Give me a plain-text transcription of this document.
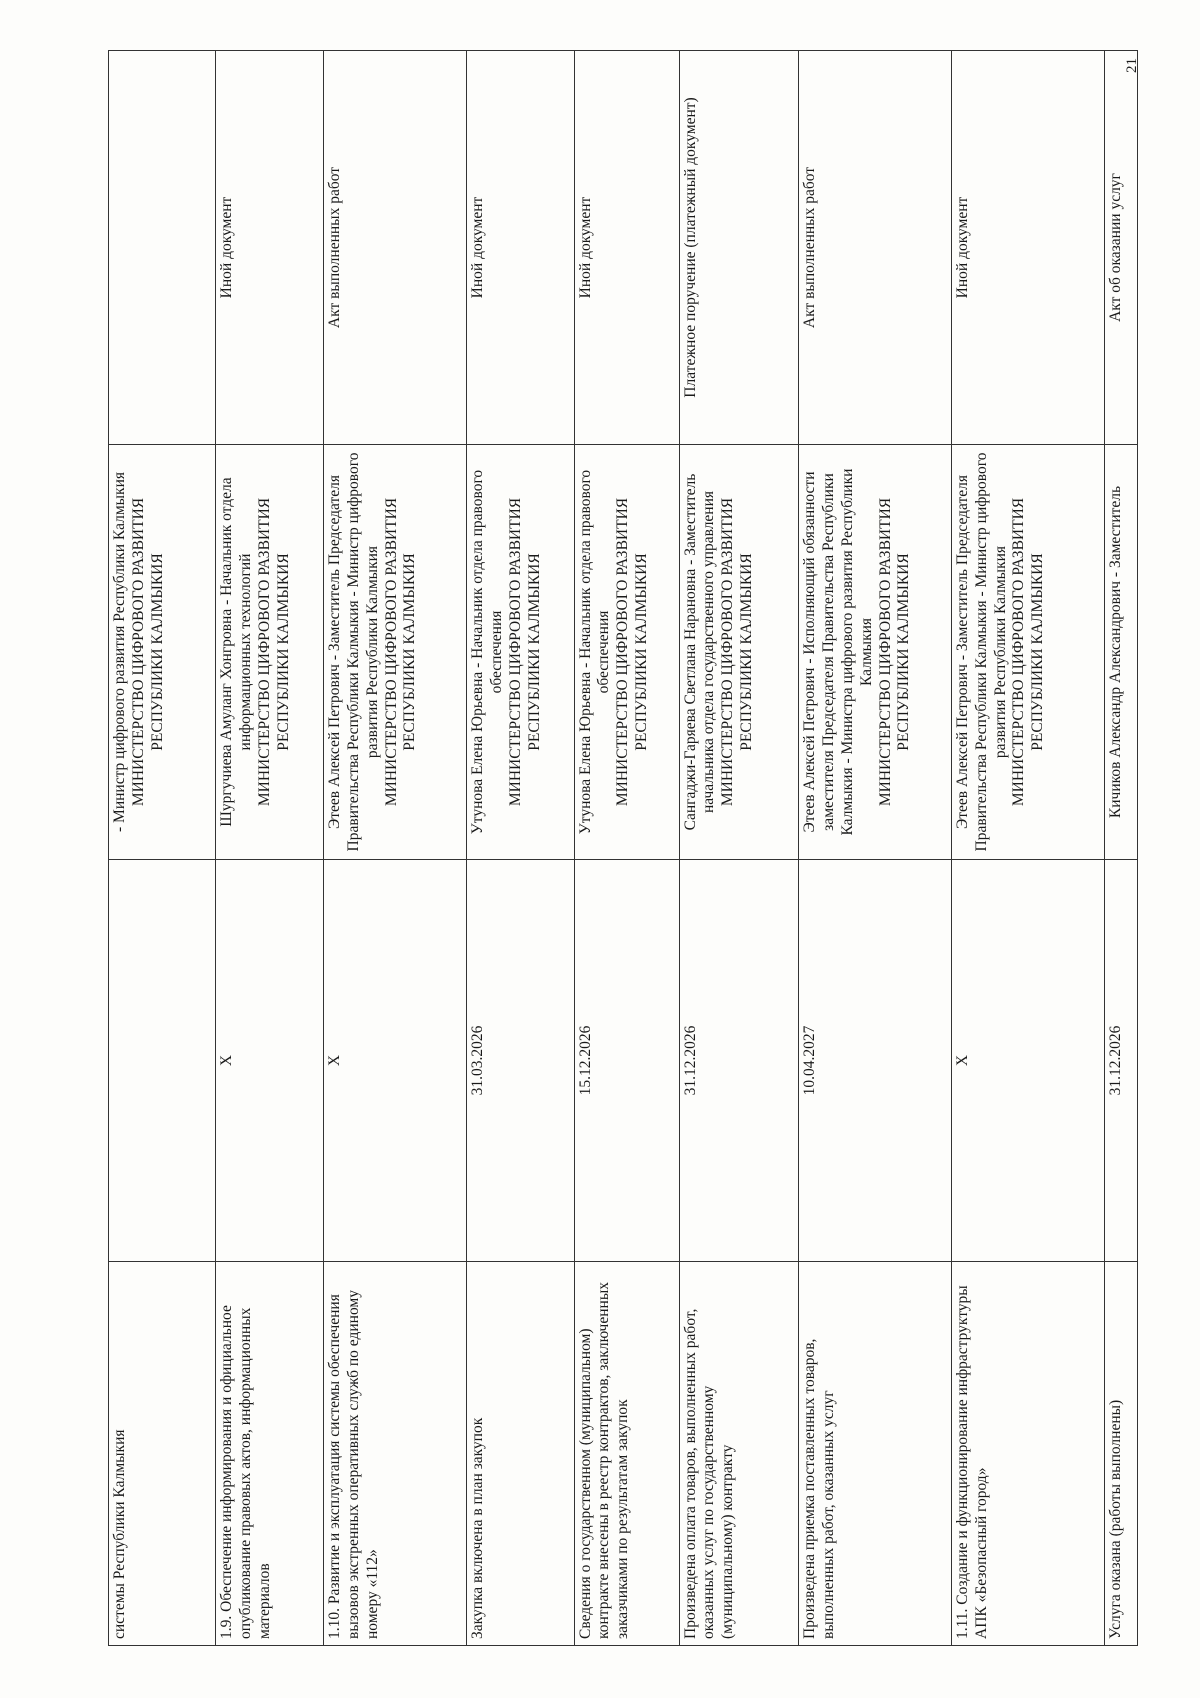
21
системы Республики Калмыкия		- Министр цифрового развития Республики Калмыкия МИНИСТЕРСТВО ЦИФРОВОГО РАЗВИТИЯ РЕСПУБЛИКИ КАЛМЫКИЯ	

1.9. Обеспечение информирования и официальное опубликование правовых актов, информационных материалов	X	Шургучиева Амуланг Хонгровна - Начальник отдела информационных технологий МИНИСТЕРСТВО ЦИФРОВОГО РАЗВИТИЯ РЕСПУБЛИКИ КАЛМЫКИЯ	Иной документ
1.10. Развитие и эксплуатация системы обеспечения вызовов экстренных оперативных служб по единому номеру «112»	X	Этеев Алексей Петрович - Заместитель Председателя Правительства Республики Калмыкия - Министр цифрового развития Республики Калмыкия МИНИСТЕРСТВО ЦИФРОВОГО РАЗВИТИЯ РЕСПУБЛИКИ КАЛМЫКИЯ	Акт выполненных работ
Закупка включена в план закупок	31.03.2026	Утунова Елена Юрьевна - Начальник отдела правового обеспечения МИНИСТЕРСТВО ЦИФРОВОГО РАЗВИТИЯ РЕСПУБЛИКИ КАЛМЫКИЯ	Иной документ
Сведения о государственном (муниципальном) контракте внесены в реестр контрактов, заключенных заказчиками по результатам закупок	15.12.2026	Утунова Елена Юрьевна - Начальник отдела правового обеспечения МИНИСТЕРСТВО ЦИФРОВОГО РАЗВИТИЯ РЕСПУБЛИКИ КАЛМЫКИЯ	Иной документ
Произведена оплата товаров, выполненных работ, оказанных услуг по государственному (муниципальному) контракту	31.12.2026	Сангаджи-Гаряева Светлана Нарановна - Заместитель начальника отдела государственного управления МИНИСТЕРСТВО ЦИФРОВОГО РАЗВИТИЯ РЕСПУБЛИКИ КАЛМЫКИЯ	Платежное поручение (платежный документ)
Произведена приемка поставленных товаров, выполненных работ, оказанных услуг	10.04.2027	Этеев Алексей Петрович - Исполняющий обязанности заместителя Председателя Правительства Республики Калмыкия - Министра цифрового развития Республики Калмыкия МИНИСТЕРСТВО ЦИФРОВОГО РАЗВИТИЯ РЕСПУБЛИКИ КАЛМЫКИЯ	Акт выполненных работ
1.11. Создание и функционирование инфраструктуры АПК «Безопасный город»	X	Этеев Алексей Петрович - Заместитель Председателя Правительства Республики Калмыкия - Министр цифрового развития Республики Калмыкия МИНИСТЕРСТВО ЦИФРОВОГО РАЗВИТИЯ РЕСПУБЛИКИ КАЛМЫКИЯ	Иной документ
Услуга оказана (работы выполнены)	31.12.2026	Кичиков Александр Александрович - Заместитель	Акт об оказании услуг
